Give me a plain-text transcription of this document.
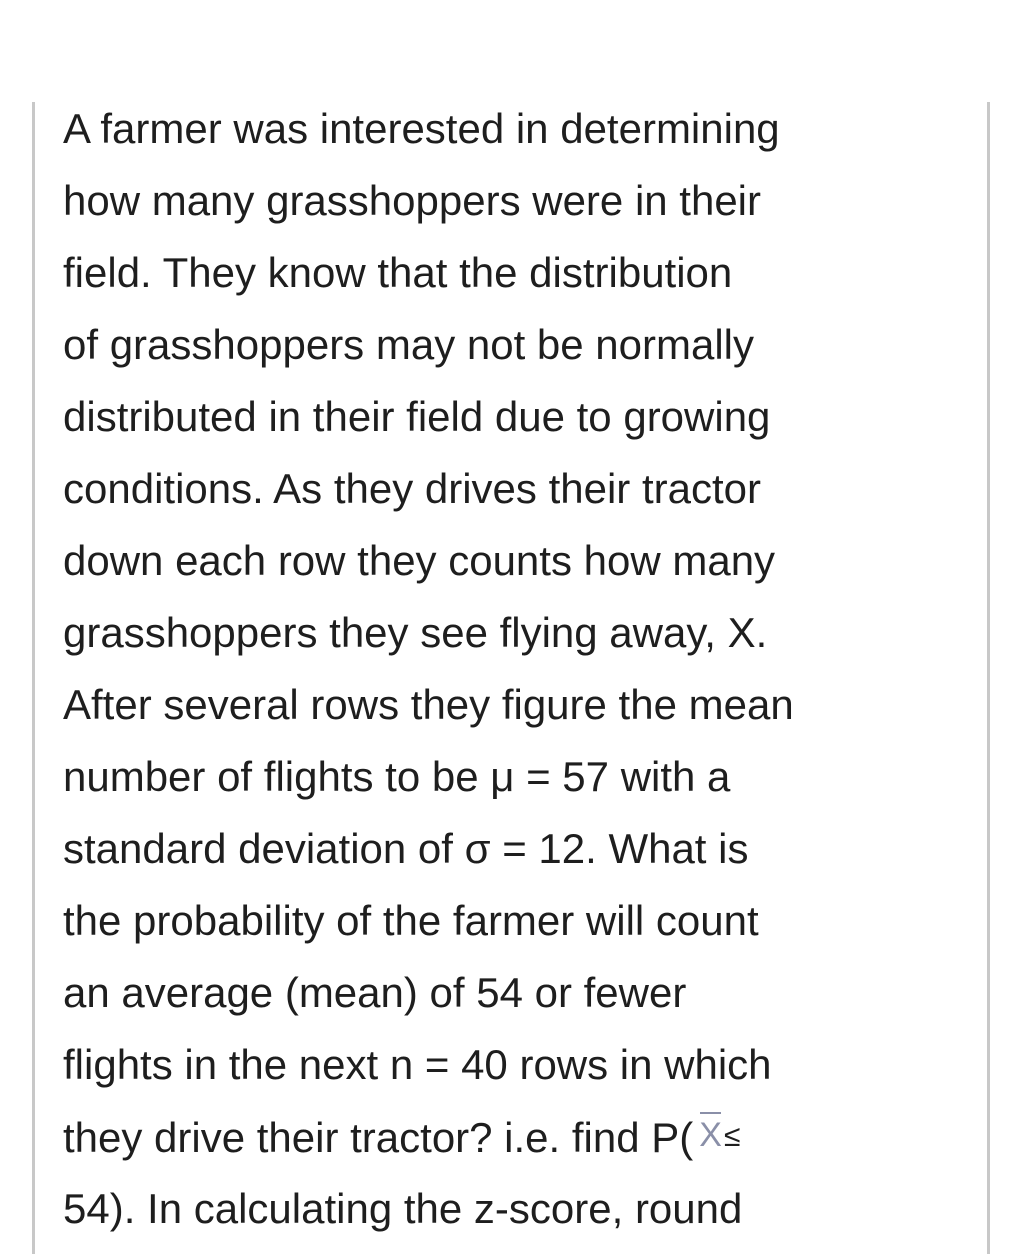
A farmer was interested in determining
how many grasshoppers were in their
field. They know that the distribution
of grasshoppers may not be normally
distributed in their field due to growing
conditions. As they drives their tractor
down each row they counts how many
grasshoppers they see flying away, X.
After several rows they figure the mean
number of flights to be μ = 57 with a
standard deviation of σ = 12. What is
the probability of the farmer will count
an average (mean) of 54 or fewer
flights in the next n = 40 rows in which
they drive their tractor? i.e. find P( X≤
54). In calculating the z-score, round
